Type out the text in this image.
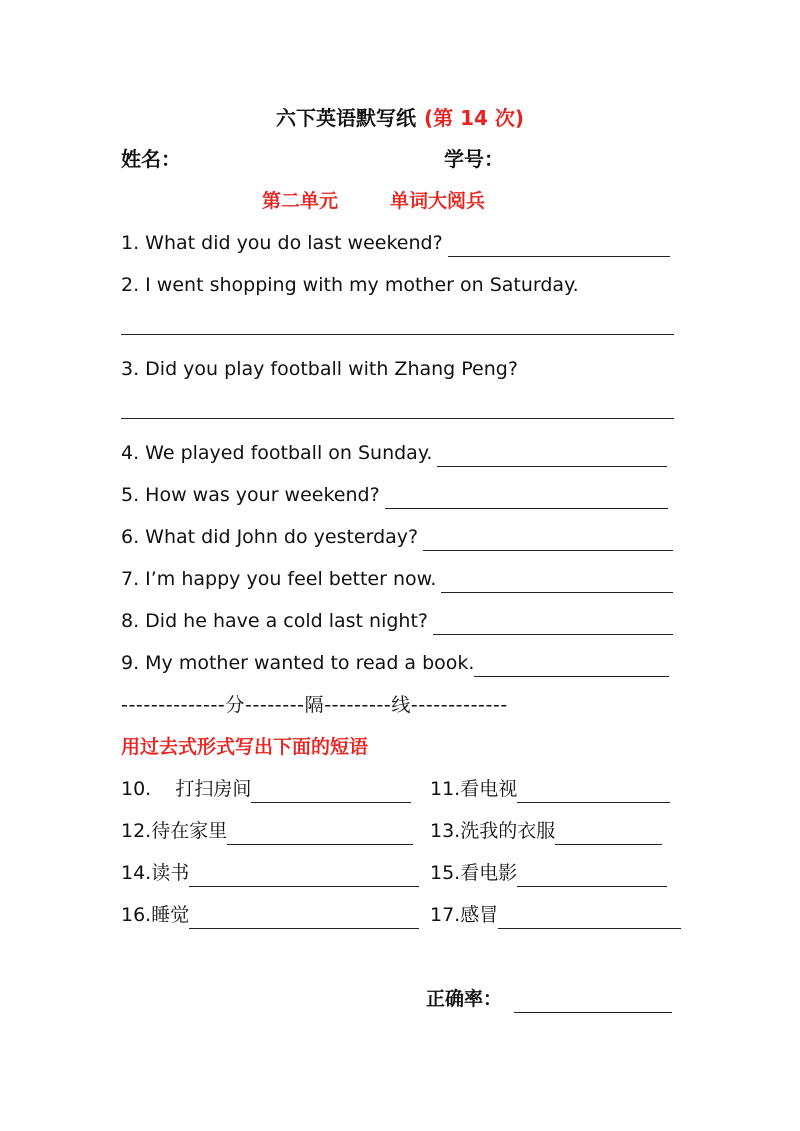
六下英语默写纸 (第 14 次)
姓名：	学号：
第二单元	单词大阅兵
1. What did you do last weekend?
2. I went shopping with my mother on Saturday.
3. Did you play football with Zhang Peng?
4. We played football on Sunday.
5. How was your weekend?
6. What did John do yesterday?
7. I’m happy you feel better now.
8. Did he have a cold last night?
9. My mother wanted to read a book.
--------------分--------隔---------线-------------
用过去式形式写出下面的短语
10.    打扫房间	11.看电视
12.待在家里	13.洗我的衣服
14.读书	15.看电影
16.睡觉	17.感冒
正确率：
